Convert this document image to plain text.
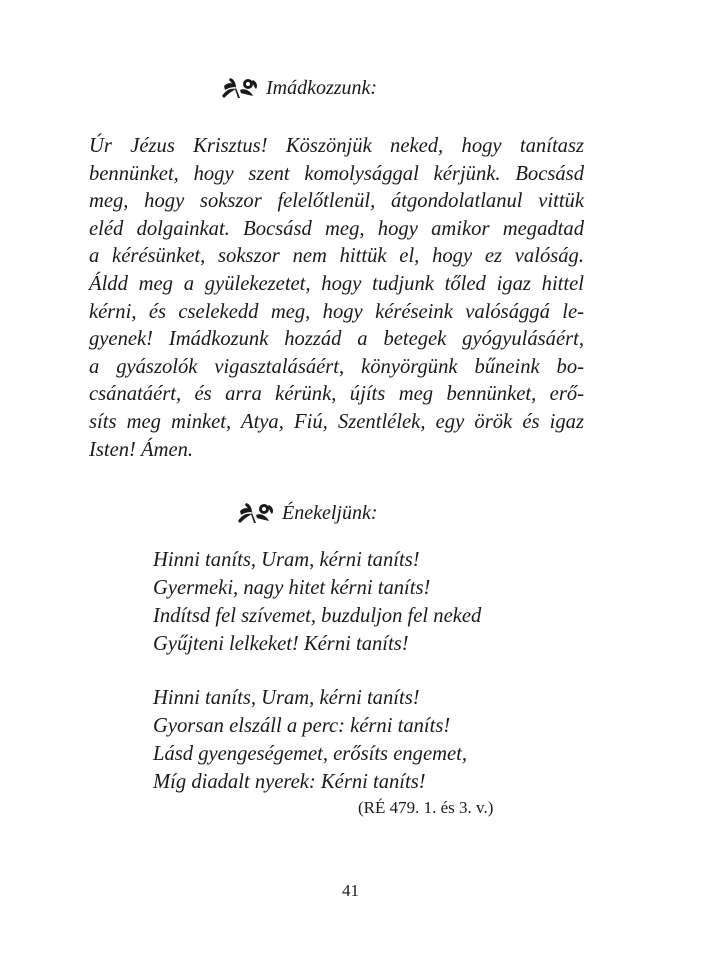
Imádkozzunk:
Úr Jézus Krisztus! Köszönjük neked, hogy tanítasz
bennünket, hogy szent komolysággal kérjünk. Bocsásd
meg, hogy sokszor felelőtlenül, átgondolatlanul vittük
eléd dolgainkat. Bocsásd meg, hogy amikor megadtad
a kérésünket, sokszor nem hittük el, hogy ez valóság.
Áldd meg a gyülekezetet, hogy tudjunk tőled igaz hittel
kérni, és cselekedd meg, hogy kéréseink valósággá le-
gyenek! Imádkozunk hozzád a betegek gyógyulásáért,
a gyászolók vigasztalásáért, könyörgünk bűneink bo-
csánatáért, és arra kérünk, újíts meg bennünket, erő-
síts meg minket, Atya, Fiú, Szentlélek, egy örök és igaz
Isten! Ámen.
Énekeljünk:
Hinni taníts, Uram, kérni taníts!
Gyermeki, nagy hitet kérni taníts!
Indítsd fel szívemet, buzduljon fel neked
Gyűjteni lelkeket! Kérni taníts!
Hinni taníts, Uram, kérni taníts!
Gyorsan elszáll a perc: kérni taníts!
Lásd gyengeségemet, erősíts engemet,
Míg diadalt nyerek: Kérni taníts!
(RÉ 479. 1. és 3. v.)
41
